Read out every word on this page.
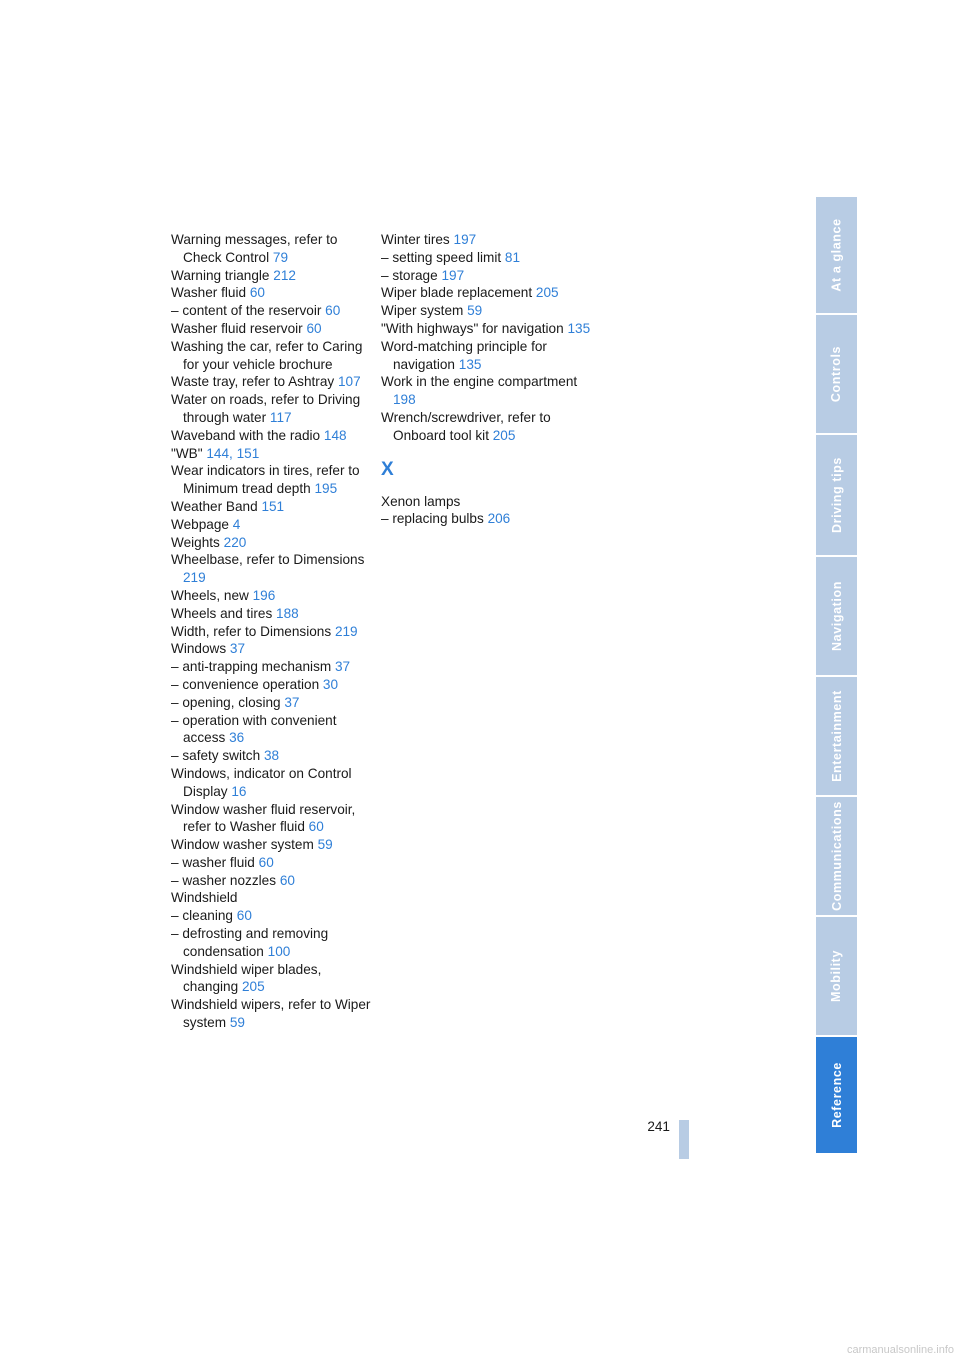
Warning messages, refer to Check Control 79
Warning triangle 212
Washer fluid 60
– content of the reservoir 60
Washer fluid reservoir 60
Washing the car, refer to Caring for your vehicle brochure
Waste tray, refer to Ashtray 107
Water on roads, refer to Driving through water 117
Waveband with the radio 148
"WB" 144, 151
Wear indicators in tires, refer to Minimum tread depth 195
Weather Band 151
Webpage 4
Weights 220
Wheelbase, refer to Dimensions 219
Wheels, new 196
Wheels and tires 188
Width, refer to Dimensions 219
Windows 37
– anti-trapping mechanism 37
– convenience operation 30
– opening, closing 37
– operation with convenient access 36
– safety switch 38
Windows, indicator on Control Display 16
Window washer fluid reservoir, refer to Washer fluid 60
Window washer system 59
– washer fluid 60
– washer nozzles 60
Windshield
– cleaning 60
– defrosting and removing condensation 100
Windshield wiper blades, changing 205
Windshield wipers, refer to Wiper system 59
Winter tires 197
– setting speed limit 81
– storage 197
Wiper blade replacement 205
Wiper system 59
"With highways" for navigation 135
Word-matching principle for navigation 135
Work in the engine compartment 198
Wrench/screwdriver, refer to Onboard tool kit 205
X
Xenon lamps
– replacing bulbs 206
241
At a glance
Controls
Driving tips
Navigation
Entertainment
Communications
Mobility
Reference
carmanualsonline.info
